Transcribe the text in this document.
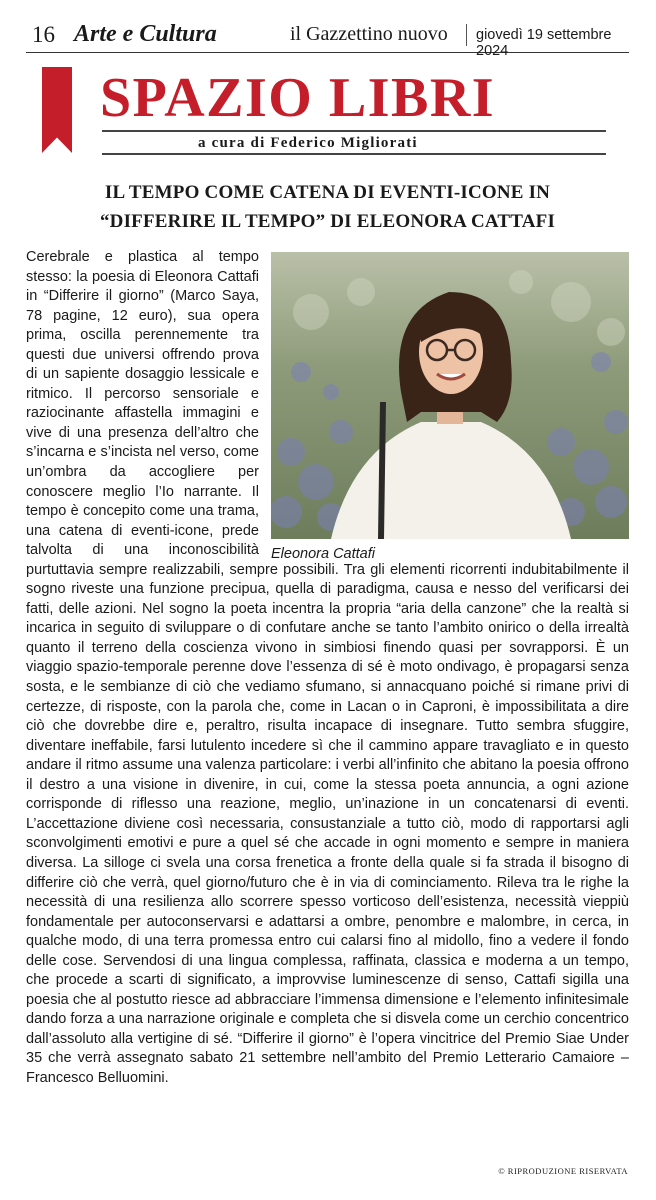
16 Arte e Cultura	il Gazzettino nuovo giovedì 19 settembre 2024
SPAZIO LIBRI
a cura di Federico Migliorati
IL TEMPO COME CATENA DI EVENTI-ICONE IN
“DIFFERIRE IL TEMPO” DI ELEONORA CATTAFI
Eleonora Cattafi
Cerebrale e plastica al tempo stesso: la poesia di Eleonora Cattafi in “Differire il giorno” (Marco Saya, 78 pagine, 12 euro), sua opera prima, oscilla perennemente tra questi due universi offrendo prova di un sapiente dosaggio lessicale e ritmico. Il percorso sensoriale e raziocinante affastella immagini e vive di una presenza dell’altro che s’incarna e s’incista nel verso, come un’ombra da accogliere per conoscere meglio l’Io narrante. Il tempo è concepito come una trama, una catena di eventi-icone, prede talvolta di una inconoscibilità purtuttavia sempre realizzabili, sempre possibili. Tra gli elementi ricorrenti indubitabilmente il sogno riveste una funzione precipua, quella di paradigma, causa e nesso del verificarsi dei fatti, delle azioni. Nel sogno la poeta incentra la propria “aria della canzone” che la realtà si incarica in seguito di sviluppare o di confutare anche se tanto l’ambito onirico o della irrealtà quanto il terreno della coscienza vivono in simbiosi finendo quasi per sovrapporsi. È un viaggio spazio-temporale perenne dove l’essenza di sé è moto ondivago, è propagarsi senza sosta, e le sembianze di ciò che vediamo sfumano, si annacquano poiché si rimane privi di certezze, di risposte, con la parola che, come in Lacan o in Caproni, è impossibilitata a dire ciò che dovrebbe dire e, peraltro, risulta incapace di insegnare. Tutto sembra sfuggire, diventare ineffabile, farsi lutulento incedere sì che il cammino appare travagliato e in questo andare il ritmo assume una valenza particolare: i verbi all’infinito che abitano la poesia offrono il destro a una visione in divenire, in cui, come la stessa poeta annuncia, a ogni azione corrisponde di riflesso una reazione, meglio, un’inazione in un concatenarsi di eventi. L’accettazione diviene così necessaria, consustanziale a tutto ciò, modo di rapportarsi agli sconvolgimenti emotivi e pure a quel sé che accade in ogni momento e sempre in maniera diversa. La silloge ci svela una corsa frenetica a fronte della quale si fa strada il bisogno di differire ciò che verrà, quel giorno/futuro che è in via di cominciamento. Rileva tra le righe la necessità di una resilienza allo scorrere spesso vorticoso dell’esistenza, necessità vieppiù fondamentale per autoconservarsi e adattarsi a ombre, penombre e malombre, in cerca, in qualche modo, di una terra promessa entro cui calarsi fino al midollo, fino a vedere il fondo delle cose. Servendosi di una lingua complessa, raffinata, classica e moderna a un tempo, che procede a scarti di significato, a improvvise luminescenze di senso, Cattafi sigilla una poesia che al postutto riesce ad abbracciare l’immensa dimensione e l’elemento infinitesimale dando forza a una narrazione originale e completa che si disvela come un cerchio concentrico dall’assoluto alla vertigine di sé. “Differire il giorno” è l’opera vincitrice del Premio Siae Under 35 che verrà assegnato sabato 21 settembre nell’ambito del Premio Letterario Camaiore – Francesco Belluomini.
© RIPRODUZIONE RISERVATA
